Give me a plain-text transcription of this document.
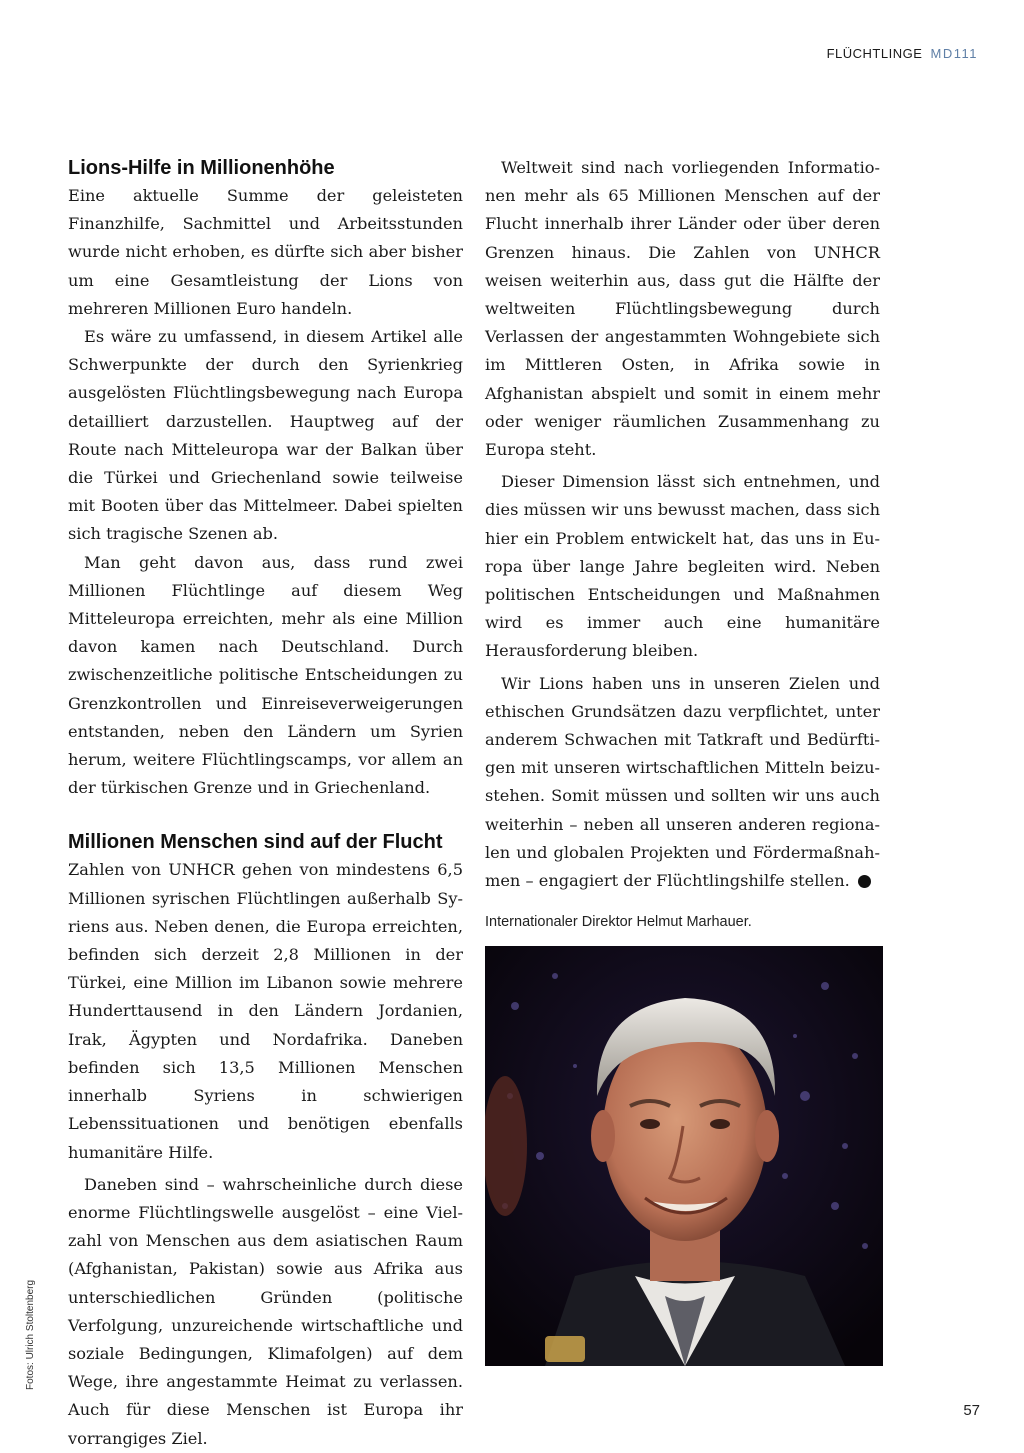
FLÜCHTLINGE MD111
Lions-Hilfe in Millionenhöhe

Eine aktuelle Summe der geleisteten Finanzhilfe, Sachmittel und Arbeitsstunden wurde nicht erhoben, es dürfte sich aber bisher um eine Gesamtleistung der Lions von mehreren Millionen Euro handeln.

Es wäre zu umfassend, in diesem Artikel alle Schwerpunkte der durch den Syrienkrieg ausgelösten Flüchtlingsbewegung nach Europa detailliert darzustellen. Hauptweg auf der Route nach Mitteleuropa war der Balkan über die Türkei und Griechenland sowie teilweise mit Booten über das Mittelmeer. Dabei spielten sich tragische Szenen ab.

Man geht davon aus, dass rund zwei Millionen Flüchtlinge auf diesem Weg Mitteleuropa erreichten, mehr als eine Million davon kamen nach Deutschland. Durch zwischenzeitliche politische Entscheidungen zu Grenzkontrollen und Einreiseverweigerungen entstanden, neben den Ländern um Syrien herum, weitere Flüchtlingscamps, vor allem an der türkischen Grenze und in Griechenland.

Millionen Menschen sind auf der Flucht

Zahlen von UNHCR gehen von mindestens 6,5 Millionen syrischen Flüchtlingen außerhalb Syriens aus. Neben denen, die Europa erreichten, befinden sich derzeit 2,8 Millionen in der Türkei, eine Million im Libanon sowie mehrere Hunderttausend in den Ländern Jordanien, Irak, Ägypten und Nordafrika. Daneben befinden sich 13,5 Millionen Menschen innerhalb Syriens in schwierigen Lebenssituationen und benötigen ebenfalls humanitäre Hilfe.

Daneben sind – wahrscheinliche durch diese enorme Flüchtlingswelle ausgelöst – eine Vielzahl von Menschen aus dem asiatischen Raum (Afghanistan, Pakistan) sowie aus Afrika aus unterschiedlichen Gründen (politische Verfolgung, unzureichende wirtschaftliche und soziale Bedingungen, Klimafolgen) auf dem Wege, ihre angestammte Heimat zu verlassen. Auch für diese Menschen ist Europa ihr vorrangiges Ziel.

Weltweit sind nach vorliegenden Informationen mehr als 65 Millionen Menschen auf der Flucht innerhalb ihrer Länder oder über deren Grenzen hinaus. Die Zahlen von UNHCR weisen weiterhin aus, dass gut die Hälfte der weltweiten Flüchtlingsbewegung durch Verlassen der angestammten Wohngebiete sich im Mittleren Osten, in Afrika sowie in Afghanistan abspielt und somit in einem mehr oder weniger räumlichen Zusammenhang zu Europa steht.

Dieser Dimension lässt sich entnehmen, und dies müssen wir uns bewusst machen, dass sich hier ein Problem entwickelt hat, das uns in Europa über lange Jahre begleiten wird. Neben politischen Entscheidungen und Maßnahmen wird es immer auch eine humanitäre Herausforderung bleiben.

Wir Lions haben uns in unseren Zielen und ethischen Grundsätzen dazu verpflichtet, unter anderem Schwachen mit Tatkraft und Bedürftigen mit unseren wirtschaftlichen Mitteln beizustehen. Somit müssen und sollten wir uns auch weiterhin – neben all unseren anderen regionalen und globalen Projekten und Fördermaßnahmen – engagiert der Flüchtlingshilfe stellen.	L

Internationaler Direktor Helmut Marhauer.
Fotos: Ulrich Stoltenberg
57
